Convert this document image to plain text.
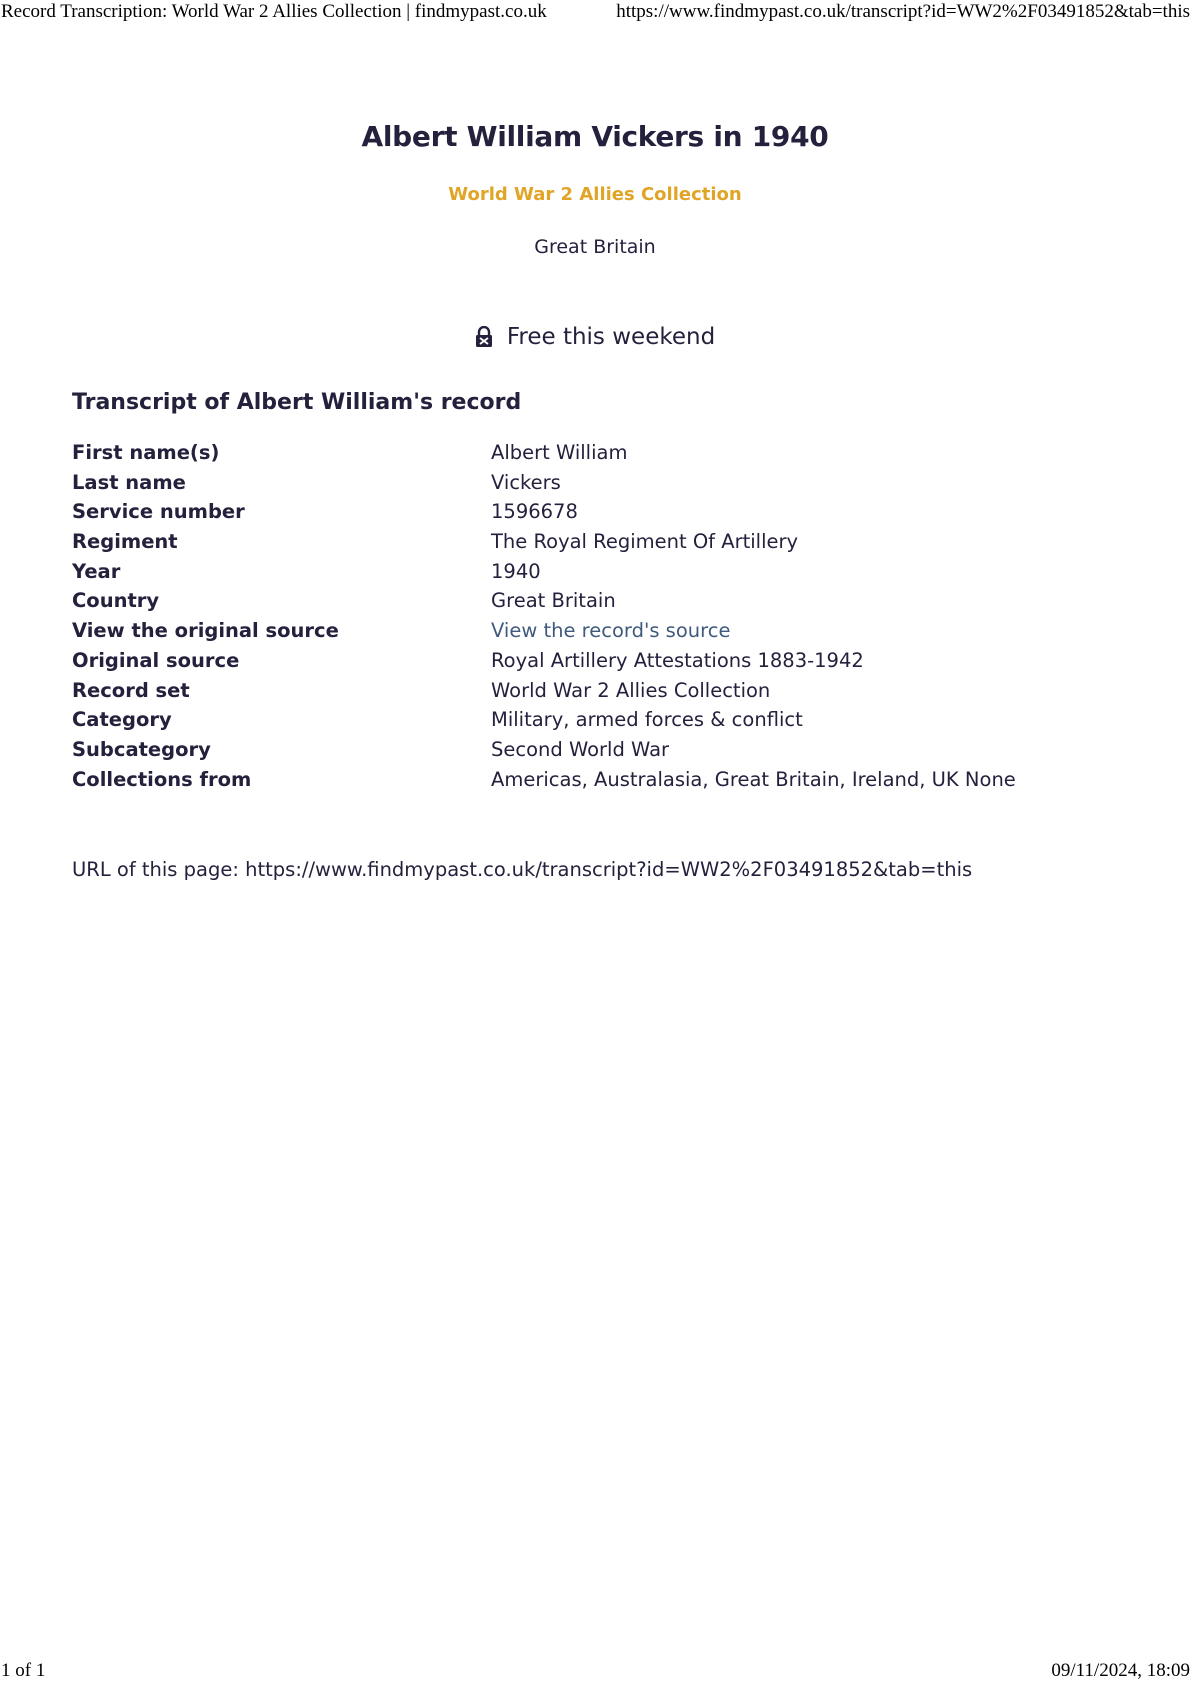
Record Transcription: World War 2 Allies Collection | findmypast.co.uk	https://www.findmypast.co.uk/transcript?id=WW2%2F03491852&tab=this
Albert William Vickers in 1940
World War 2 Allies Collection
Great Britain
Free this weekend
Transcript of Albert William's record
First name(s)	Albert William
Last name	Vickers
Service number	1596678
Regiment	The Royal Regiment Of Artillery
Year	1940
Country	Great Britain
View the original source	View the record's source
Original source	Royal Artillery Attestations 1883-1942
Record set	World War 2 Allies Collection
Category	Military, armed forces & conflict
Subcategory	Second World War
Collections from	Americas, Australasia, Great Britain, Ireland, UK None
URL of this page: https://www.findmypast.co.uk/transcript?id=WW2%2F03491852&tab=this
1 of 1	09/11/2024, 18:09
